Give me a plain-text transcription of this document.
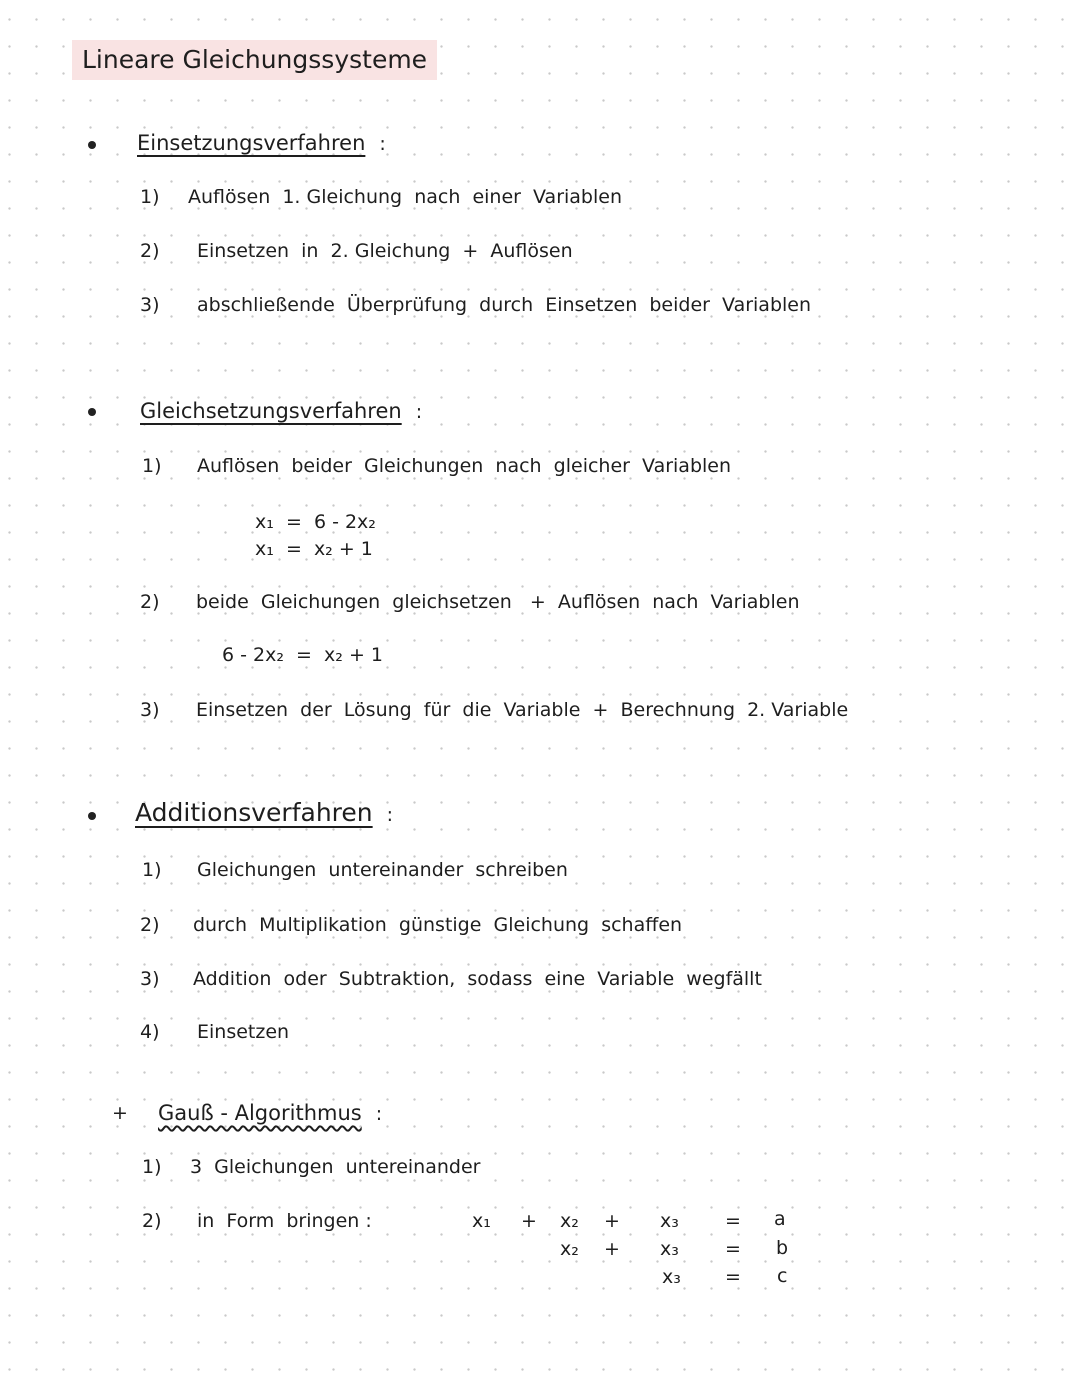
Lineare Gleichungssysteme
Einsetzungsverfahren :
1) Auflösen  1. Gleichung  nach  einer  Variablen
2) Einsetzen  in  2. Gleichung  +  Auflösen
3) abschließende  Überprüfung  durch  Einsetzen  beider  Variablen
Gleichsetzungsverfahren :
1) Auflösen  beider  Gleichungen  nach  gleicher  Variablen
x₁  =  6 - 2x₂
x₁  =  x₂ + 1
2) beide  Gleichungen  gleichsetzen   +  Auflösen  nach  Variablen
6 - 2x₂  =  x₂ + 1
3) Einsetzen  der  Lösung  für  die  Variable  +  Berechnung  2. Variable
Additionsverfahren :
1) Gleichungen  untereinander  schreiben
2) durch  Multiplikation  günstige  Gleichung  schaffen
3) Addition  oder  Subtraktion,  sodass  eine  Variable  wegfällt
4) Einsetzen
+ Gauß - Algorithmus :
1) 3  Gleichungen  untereinander
2) in  Form  bringen :	x₁ + x₂ + x₃ = a
x₂ + x₃ = b
x₃ = c
